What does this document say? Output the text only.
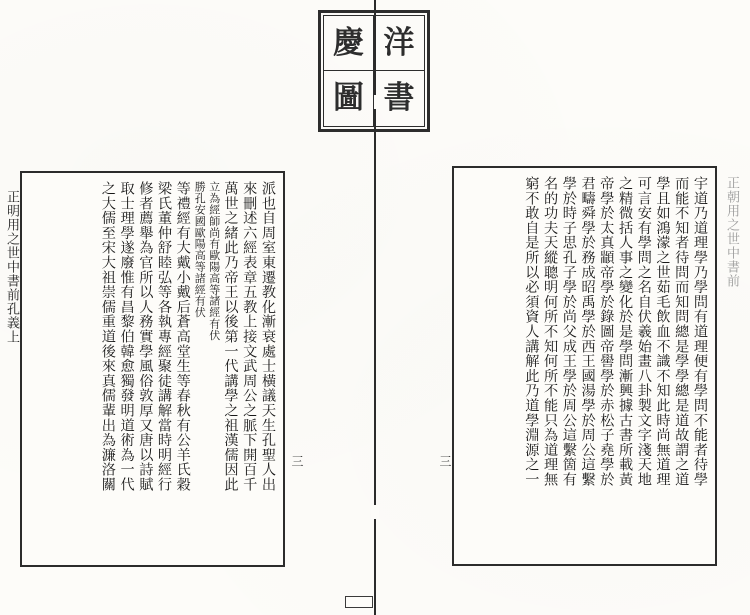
慶 洋
圖 書
宇道乃道理學乃學問有道理便有學問不能者待學
而能不知者待問而知問總是學學總是道故謂之道
學且如鴻濛之世茹毛飲血不識不知此時尚無道理
可言安有學問之名自伏羲始畫八卦製文字淺天地
之精微括人事之變化於是學問漸興據古書所載黃
帝學於太真顓帝學於錄圖帝嚳學於赤松子堯學於
君疇舜學於務成昭禹學於西王國湯學於周公這繫
學於時子思孔子學於尚父成王學於周公這繫箇有
名的功夫天縱聰明何所不知何所不能只為道理無
窮不敢自是所以必須資人講解此乃道學淵源之一
派也自周室東遷教化漸衰處士橫議天生孔聖人出
來刪述六經表章五教上接文武周公之脈下開百千
萬世之緒此乃帝王以後第一代講學之祖漢儒因此
立為經師尚有歐陽高等諸經有伏
勝孔安國歐陽高等諸經有伏
等禮經有大戴小戴后蒼高堂生等春秋有公羊氏穀
梁氏董仲舒睦弘等各執專經聚徒講解當時明經行
修者薦舉為官所以人務實學風俗敦厚又唐以詩賦
取士理學遂廢惟有昌黎伯韓愈獨發明道術為一代
之大儒至宋大祖崇儒重道後來真儒輩出為濂洛關
正明用之世中書前孔義上	正朝用之世中書前
三	三
